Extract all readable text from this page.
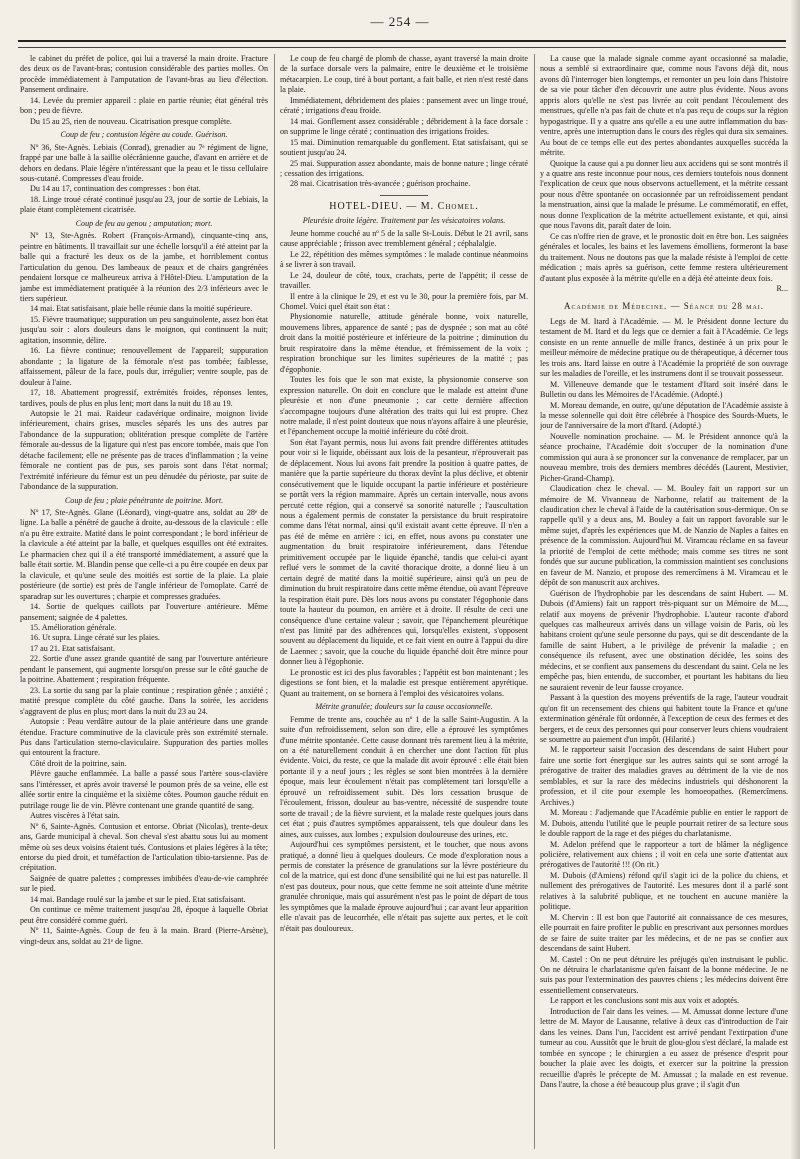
— 254 —

le cabinet du préfet de police, qui lui a traversé la main droite. Fracture des deux os de l'avant-bras; contusion considérable des parties molles. On procède immédiatement à l'amputation de l'avant-bras au lieu d'élection. Pansement ordinaire.

14. Levée du premier appareil : plaie en partie réunie; état général très bon ; peu de fièvre.

Du 15 au 25, rien de nouveau. Cicatrisation presque complète.

Coup de feu ; contusion légère au coude. Guérison.

Nº 36, Ste-Agnès. Lebiais (Conrad), grenadier au 7ᵉ régiment de ligne, frappé par une balle à la saillie olécrânienne gauche, d'avant en arrière et de dehors en dedans. Plaie légère n'intéressant que la peau et le tissu cellulaire sous-cutané. Compresses d'eau froide.

Du 14 au 17, continuation des compresses : bon état.

18. Linge troué cératé continué jusqu'au 23, jour de sortie de Lebiais, la plaie étant complètement cicatrisée.

Coup de feu au genou ; amputation; mort.

Nº 13, Ste-Agnès. Robert (François-Armand), cinquante-cinq ans, peintre en bâtiments. Il travaillait sur une échelle lorsqu'il a été atteint par la balle qui a fracturé les deux os de la jambe, et horriblement contus l'articulation du genou. Des lambeaux de peaux et de chairs gangrénées pendaient lorsque ce malheureux arriva à l'Hôtel-Dieu. L'amputation de la jambe est immédiatement pratiquée à la réunion des 2/3 inférieurs avec le tiers supérieur.

14 mai. Etat satisfaisant, plaie belle réunie dans la moitié supérieure.

15. Fièvre traumatique; suppuration un peu sanguinolente, assez bon état jusqu'au soir : alors douleurs dans le moignon, qui continuent la nuit; agitation, insomnie, délire.

16. La fièvre continue; renouvellement de l'appareil; suppuration abondante ; la ligature de la fémorale n'est pas tombée; faiblesse, affaissement, pâleur de la face, pouls dur, irrégulier; ventre souple, pas de douleur à l'aine.

17, 18. Abattement progressif, extrémités froides, réponses lentes, tardives, pouls de plus en plus lent; mort dans la nuit du 18 au 19.

Autopsie le 21 mai. Raideur cadavérique ordinaire, moignon livide inférieurement, chairs grises, muscles séparés les uns des autres par l'abondance de la suppuration; oblitération presque complète de l'artère fémorale au-dessus de la ligature qui n'est pas encore tombée, mais que l'on détache facilement; elle ne présente pas de traces d'inflammation ; la veine fémorale ne contient pas de pus, ses parois sont dans l'état normal; l'extrémité inférieure du fémur est un peu dénudée du périoste, par suite de l'abondance de la suppuration.

Coup de feu ; plaie pénétrante de poitrine. Mort.

Nº 17, Ste-Agnès. Glane (Léonard), vingt-quatre ans, soldat au 28ᵉ de ligne. La balle a pénétré de gauche à droite, au-dessous de la clavicule : elle n'a pu être extraite. Matité dans le point correspondant ; le bord inférieur de la clavicule a été atteint par la balle, et quelques esquilles ont été extraites. Le pharmacien chez qui il a été transporté immédiatement, a assuré que la balle était sortie. M. Blandin pense que celle-ci a pu être coupée en deux par la clavicule, et qu'une seule des moitiés est sortie de la plaie. La plaie postérieure (de sortie) est près de l'angle inférieur de l'omoplate. Carré de sparadrap sur les ouvertures ; charpie et compresses graduées.

14. Sortie de quelques caillots par l'ouverture antérieure. Même pansement; saignée de 4 palettes.

15. Amélioration générale.

16. Ut supra. Linge cératé sur les plaies.

17 au 21. Etat satisfaisant.

22. Sortie d'une assez grande quantité de sang par l'ouverture antérieure pendant le pansement, qui augmente lorsqu'on presse sur le côté gauche de la poitrine. Abattement ; respiration fréquente.

23. La sortie du sang par la plaie continue ; respiration gênée ; anxiété ; matité presque complète du côté gauche. Dans la soirée, les accidens s'aggravent de plus en plus; mort dans la nuit du 23 au 24.

Autopsie : Peau verdâtre autour de la plaie antérieure dans une grande étendue. Fracture comminutive de la clavicule près son extrémité sternale. Pus dans l'articulation sterno-claviculaire. Suppuration des parties molles qui entourent la fracture.

Côté droit de la poitrine, sain.

Plèvre gauche enflammée. La balle a passé sous l'artère sous-clavière sans l'intéresser, et après avoir traversé le poumon près de sa veine, elle est allée sortir entre la cinquième et la sixième côtes. Poumon gauche réduit en putrilage rouge lie de vin. Plèvre contenant une grande quantité de sang.

Autres viscères à l'état sain.

Nº 6, Sainte-Agnès. Contusion et entorse. Obriat (Nicolas), trente-deux ans, Garde municipal à cheval. Son cheval s'est abattu sous lui au moment même où ses deux voisins étaient tués. Contusions et plaies légères à la tête; entorse du pied droit, et tuméfaction de l'articulation tibio-tarsienne. Pas de crépitation.

Saignée de quatre palettes ; compresses imbibées d'eau-de-vie camphrée sur le pied.

14 mai. Bandage roulé sur la jambe et sur le pied. Etat satisfaisant.

On continue ce même traitement jusqu'au 28, époque à laquelle Obriat peut être considéré comme guéri.

Nº 11, Sainte-Agnès. Coup de feu à la main. Brard (Pierre-Arsène), vingt-deux ans, soldat au 21ᵉ de ligne.

Le coup de feu chargé de plomb de chasse, ayant traversé la main droite de la surface dorsale vers la palmaire, entre le deuxième et le troisième métacarpien. Le coup, tiré à bout portant, a fait balle, et rien n'est resté dans la plaie.

Immédiatement, débridement des plaies : pansement avec un linge troué, cératé ; irrigations d'eau froide.

14 mai. Gonflement assez considérable ; débridement à la face dorsale : on supprime le linge cératé ; continuation des irrigations froides.

15 mai. Diminution remarquable du gonflement. Etat satisfaisant, qui se soutient jusqu'au 24.

25 mai. Suppuration assez abondante, mais de bonne nature ; linge cératé ; cessation des irrigations.

28 mai. Cicatrisation très-avancée ; guérison prochaine.

HOTEL-DIEU. — M. Chomel.

Pleurésie droite légère. Traitement par les vésicatoires volans.

Jeune homme couché au nº 5 de la salle St-Louis. Début le 21 avril, sans cause appréciable ; frisson avec tremblement général ; céphalalgie.

Le 22, répétition des mêmes symptômes : le malade continue néanmoins à se livrer à son travail.

Le 24, douleur de côté, toux, crachats, perte de l'appétit; il cesse de travailler.

Il entre à la clinique le 29, et est vu le 30, pour la première fois, par M. Chomel. Voici quel était son état :

Physionomie naturelle, attitude générale bonne, voix naturelle, mouvemens libres, apparence de santé ; pas de dyspnée ; son mat au côté droit dans la moitié postérieure et inférieure de la poitrine ; diminution du bruit respiratoire dans la même étendue, et frémissement de la voix ; respiration bronchique sur les limites supérieures de la matité ; pas d'égophonie.

Toutes les fois que le son mat existe, la physionomie conserve son expression naturelle. On doit en conclure que le malade est atteint d'une pleurésie et non d'une pneumonie ; car cette dernière affection s'accompagne toujours d'une altération des traits qui lui est propre. Chez notre malade, il n'est point douteux que nous n'ayons affaire à une pleurésie, et l'épanchement occupe la moitié inférieure du côté droit.

Son état l'ayant permis, nous lui avons fait prendre différentes attitudes pour voir si le liquide, obéissant aux lois de la pesanteur, n'éprouverait pas de déplacement. Nous lui avons fait prendre la position à quatre pattes, de manière que la partie supérieure du thorax devînt la plus déclive, et obtenir consécutivement que le liquide occupant la partie inférieure et postérieure se portât vers la région mammaire. Après un certain intervalle, nous avons percuté cette région, qui a conservé sa sonorité naturelle ; l'auscultation nous a également permis de constater la persistance du bruit respiratoire comme dans l'état normal, ainsi qu'il existait avant cette épreuve. Il n'en a pas été de même en arrière : ici, en effet, nous avons pu constater une augmentation du bruit respiratoire inférieurement, dans l'étendue primitivement occupée par le liquide épanché, tandis que celui-ci ayant reflué vers le sommet de la cavité thoracique droite, a donné lieu à un certain degré de matité dans la moitié supérieure, ainsi qu'à un peu de diminution du bruit respiratoire dans cette même étendue, où avant l'épreuve la respiration était pure. Dès lors nous avons pu constater l'égophonie dans toute la hauteur du poumon, en arrière et à droite. Il résulte de ceci une conséquence d'une certaine valeur ; savoir, que l'épanchement pleurétique n'est pas limité par des adhérences qui, lorsqu'elles existent, s'opposent souvent au déplacement du liquide, et ce fait vient en outre à l'appui du dire de Laennec ; savoir, que la couche du liquide épanché doit être mince pour donner lieu à l'égophonie.

Le pronostic est ici des plus favorables ; l'appétit est bon maintenant ; les digestions se font bien, et la maladie est presque entièrement apyrétique. Quant au traitement, on se bornera à l'emploi des vésicatoires volans.

Métrite granulée; douleurs sur la cause occasionnelle.

Femme de trente ans, couchée au nº 1 de la salle Saint-Augustin. A la suite d'un refroidissement, selon son dire, elle a éprouvé les symptômes d'une métrite spontanée. Cette cause donnant très rarement lieu à la métrite, on a été naturellement conduit à en chercher une dont l'action fût plus évidente. Voici, du reste, ce que la malade dit avoir éprouvé : elle était bien portante il y a neuf jours ; les règles se sont bien montrées à la dernière époque, mais leur écoulement n'était pas complètement tari lorsqu'elle a éprouvé un refroidissement subit. Dès lors cessation brusque de l'écoulement, frisson, douleur au bas-ventre, nécessité de suspendre toute sorte de travail ; de la fièvre survient, et la malade reste quelques jours dans cet état ; puis d'autres symptômes apparaissent, tels que douleur dans les aines, aux cuisses, aux lombes ; expulsion douloureuse des urines, etc.

Aujourd'hui ces symptômes persistent, et le toucher, que nous avons pratiqué, a donné lieu à quelques douleurs. Ce mode d'exploration nous a permis de constater la présence de granulations sur la lèvre postérieure du col de la matrice, qui est donc d'une sensibilité qui ne lui est pas naturelle. Il n'est pas douteux, pour nous, que cette femme ne soit atteinte d'une métrite granulée chronique, mais qui assurément n'est pas le point de départ de tous les symptômes que la malade éprouve aujourd'hui ; car avant leur apparition elle n'avait pas de leucorrhée, elle n'était pas sujette aux pertes, et le coït n'était pas douloureux.

La cause que la malade signale comme ayant occasionné sa maladie, nous a semblé si extraordinaire que, comme nous l'avons déjà dit, nous avons dû l'interroger bien longtemps, et remonter un peu loin dans l'histoire de sa vie pour tâcher d'en découvrir une autre plus évidente. Nous avons appris alors qu'elle ne s'est pas livrée au coït pendant l'écoulement des menstrues, qu'elle n'a pas fait de chute et n'a pas reçu de coups sur la région hypogastrique. Il y a quatre ans qu'elle a eu une autre inflammation du bas-ventre, après une interruption dans le cours des règles qui dura six semaines. Au bout de ce temps elle eut des pertes abondantes auxquelles succéda la métrite.

Quoique la cause qui a pu donner lieu aux accidens qui se sont montrés il y a quatre ans reste inconnue pour nous, ces derniers toutefois nous donnent l'explication de ceux que nous observons actuellement, et la métrite cessant pour nous d'être spontanée on occasionnée par un refroidissement pendant la menstruation, ainsi que la malade le présume. Le commémoratif, en effet, nous donne l'explication de la métrite actuellement existante, et qui, ainsi que nous l'avons dit, paraît dater de loin.

Ce cas n'offre rien de grave, et le pronostic doit en être bon. Les saignées générales et locales, les bains et les lavemens émolliens, formeront la base du traitement. Nous ne doutons pas que la malade résiste à l'emploi de cette médication ; mais après sa guérison, cette femme restera ultérieurement d'autant plus exposée à la métrite qu'elle en a déjà été atteinte deux fois.

R...

Académie de Médecine. — Séance du 28 mai.

Legs de M. Itard à l'Académie. — M. le Président donne lecture du testament de M. Itard et du legs que ce dernier a fait à l'Académie. Ce legs consiste en un rente annuelle de mille francs, destinée à un prix pour le meilleur mémoire de médecine pratique ou de thérapeutique, à décerner tous les trois ans. Itard laisse en outre à l'Académie la propriété de son ouvrage sur les maladies de l'oreille, et les instrumens dont il se trouvait possesseur.

M. Villeneuve demande que le testament d'Itard soit inséré dans le Bulletin ou dans les Mémoires de l'Académie. (Adopté.)

M. Moreau demande, en outre, qu'une députation de l'Académie assiste à la messe solennelle qui doit être célébrée à l'hospice des Sourds-Muets, le jour de l'anniversaire de la mort d'Itard. (Adopté.)

Nouvelle nomination prochaine. — M. le Président annonce qu'à la séance prochaine, l'Académie doit s'occuper de la nomination d'une commission qui aura à se prononcer sur la convenance de remplacer, par un nouveau membre, trois des derniers membres décédés (Laurent, Mestivier, Picher-Grand-Champ).

Claudication chez le cheval. — M. Bouley fait un rapport sur un mémoire de M. Vivanneau de Narbonne, relatif au traitement de la claudication chez le cheval à l'aide de la cautérisation sous-dermique. On se rappelle qu'il y a deux ans, M. Bouley a fait un rapport favorable sur le même sujet, d'après les expériences que M. de Nanzio de Naples a faites en présence de la commission. Aujourd'hui M. Viramcau réclame en sa faveur la priorité de l'emploi de cette méthode; mais comme ses titres ne sont fondés que sur aucune publication, la commission maintient ses conclusions en faveur de M. Nanzio, et propose des remercîmens à M. Viramcau et le dépôt de son manuscrit aux archives.

Guérison de l'hydrophobie par les descendans de saint Hubert. — M. Dubois (d'Amiens) fait un rapport très-piquant sur un Mémoire de M...., relatif aux moyens de prévenir l'hydrophobie. L'auteur raconte d'abord quelques cas malheureux arrivés dans un village voisin de Paris, où les habitans croient qu'une seule personne du pays, qui se dit descendante de la famille de saint Hubert, a le privilège de prévenir la maladie ; en conséquence ils refusent, avec une obstination décidée, les soins des médecins, et se confient aux pansemens du descendant du saint. Cela ne les empêche pas, bien entendu, de succomber, et pourtant les habitans du lieu ne sauraient revenir de leur fausse croyance.

Passant à la question des moyens préventifs de la rage, l'auteur voudrait qu'on fit un recensement des chiens qui habitent toute la France et qu'une extermination générale fût ordonnée, à l'exception de ceux des fermes et des bergers, et de ceux des personnes qui pour conserver leurs chiens voudraient se soumettre au paiement d'un impôt. (Hilarité.)

M. le rapporteur saisit l'occasion des descendans de saint Hubert pour faire une sortie fort énergique sur les autres saints qui se sont arrogé la prérogative de traiter des maladies graves au détriment de la vie de nos semblables, et sur la race des médecins industriels qui déshonorent la profession, et il cite pour exemple les homoeopathes. (Remercîmens. Archives.)

M. Moreau : J'adjemande que l'Académie publie en entier le rapport de M. Dubois, attendu l'utilité que le peuple pourrait retirer de sa lecture sous le double rapport de la rage et des piéges du charlatanisme.

M. Adelon préfend que le rapporteur a tort de blâmer la négligence policière, relativement aux chiens ; il voit en cela une sorte d'attentat aux prérogatives de l'autorité !!! (On rit.)

M. Dubois (d'Amiens) réfond qu'il s'agit ici de la police du chiens, et nullement des prérogatives de l'autorité. Les mesures dont il a parlé sont relatives à la salubrité publique, et ne touchent en aucune manière la politique.

M. Chervin : Il est bon que l'autorité ait connaissance de ces mesures, elle pourrait en faire profiter le public en prescrivant aux personnes mordues de se faire de suite traiter par les médecins, et de ne pas se confier aux descendans de saint Hubert.

M. Castel : On ne peut détruire les préjugés qu'en instruisant le public. On ne détruira le charlatanisme qu'en faisant de la bonne médecine. Je ne suis pas pour l'extermination des pauvres chiens ; les médecins doivent être essentiellement conservateurs.

Le rapport et les conclusions sont mis aux voix et adoptés.

Introduction de l'air dans les veines. — M. Amussat donne lecture d'une lettre de M. Mayor de Lausanne, relative à deux cas d'introduction de l'air dans les veines. Dans l'un, l'accident est arrivé pendant l'extirpation d'une tumeur au cou. Aussitôt que le bruit de glou-glou s'est déclaré, la malade est tombée en syncope ; le chirurgien a eu assez de présence d'esprit pour boucher la plaie avec les doigts, et exercer sur la poitrine la pression recueillie d'après le précepte de M. Amussat ; la malade en est revenue. Dans l'autre, la chose a été beaucoup plus grave ; il s'agit d'un
